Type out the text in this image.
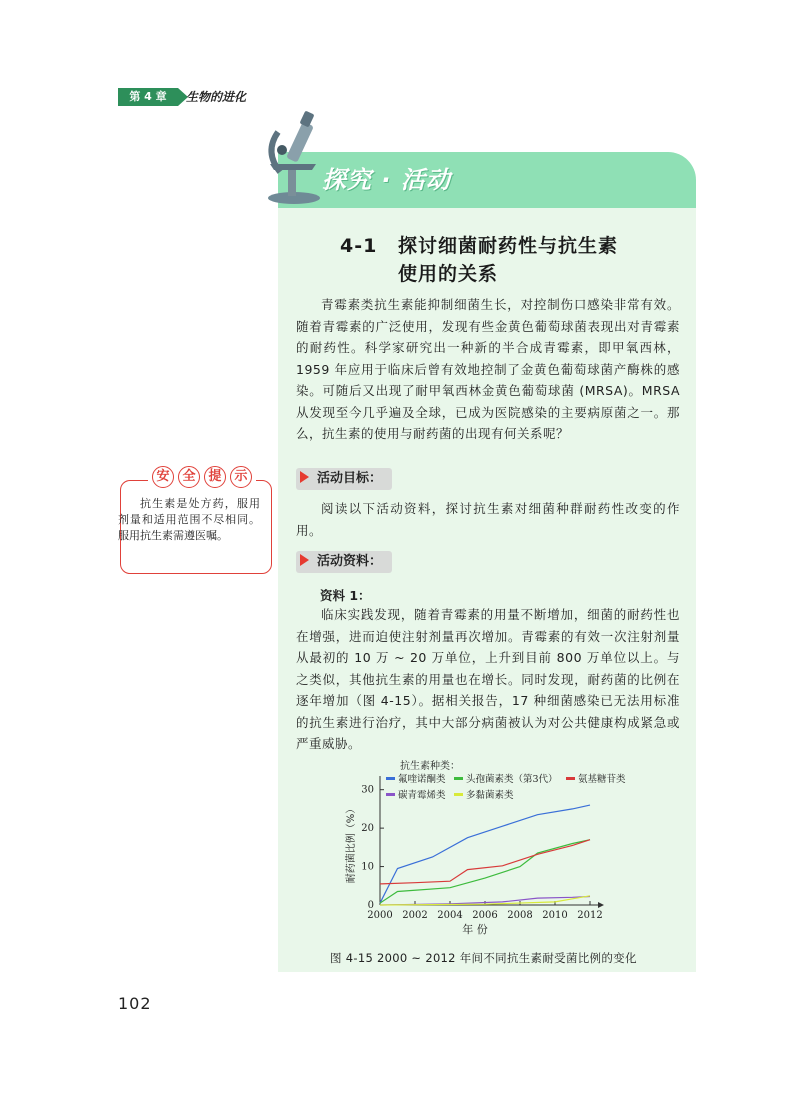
第 4 章	生物的进化
安 全 提 示

抗生素是处方药，服用剂量和适用范围不尽相同。服用抗生素需遵医嘱。

探究 · 活动
4-1 探讨细菌耐药性与抗生素
使用的关系

青霉素类抗生素能抑制细菌生长，对控制伤口感染非常有效。随着青霉素的广泛使用，发现有些金黄色葡萄球菌表现出对青霉素的耐药性。科学家研究出一种新的半合成青霉素，即甲氧西林，1959 年应用于临床后曾有效地控制了金黄色葡萄球菌产酶株的感染。可随后又出现了耐甲氧西林金黄色葡萄球菌 (MRSA)。MRSA 从发现至今几乎遍及全球，已成为医院感染的主要病原菌之一。那么，抗生素的使用与耐药菌的出现有何关系呢？

活动目标：

阅读以下活动资料，探讨抗生素对细菌种群耐药性改变的作用。

活动资料：
资料 1：

临床实践发现，随着青霉素的用量不断增加，细菌的耐药性也在增强，进而迫使注射剂量再次增加。青霉素的有效一次注射剂量从最初的 10 万 ~ 20 万单位，上升到目前 800 万单位以上。与之类似，其他抗生素的用量也在增长。同时发现，耐药菌的比例在逐年增加（图 4-15）。据相关报告，17 种细菌感染已无法用标准的抗生素进行治疗，其中大部分病菌被认为对公共健康构成紧急或严重威胁。

0
10
20
30
2000 2002 2004 2006 2008 2010 2012
年 份
耐药菌比例（%）
抗生素种类：
氟喹诺酮类 头孢菌素类（第3代） 氨基糖苷类
碳青霉烯类 多黏菌素类
图 4-15 2000 ~ 2012 年间不同抗生素耐受菌比例的变化
102
